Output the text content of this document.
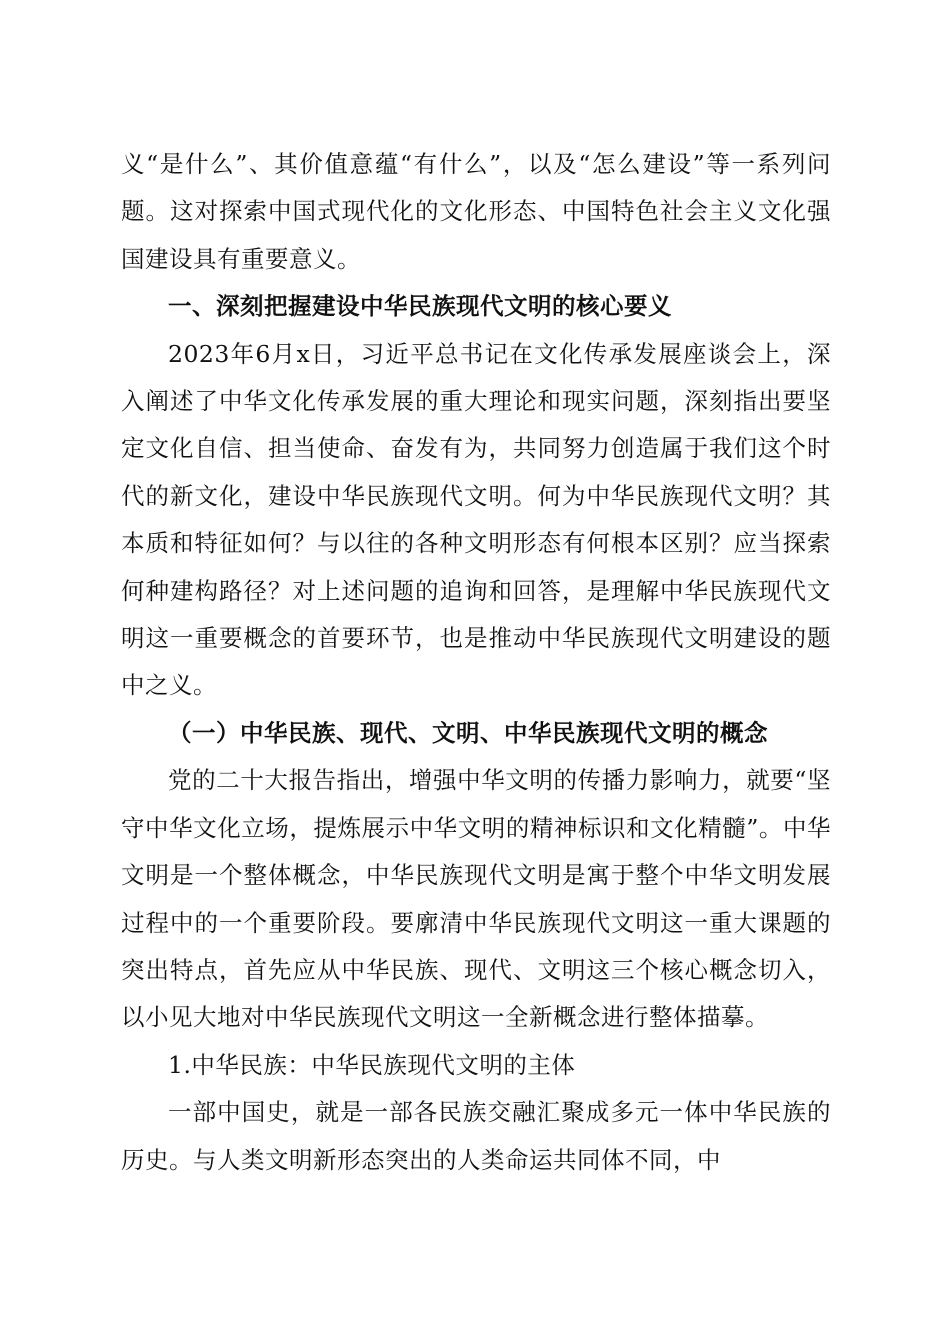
义“是什么”、其价值意蕴“有什么”，以及“怎么建设”等一系列问题。这对探索中国式现代化的文化形态、中国特色社会主义文化强国建设具有重要意义。

一、深刻把握建设中华民族现代文明的核心要义

2023年6月x日，习近平总书记在文化传承发展座谈会上，深入阐述了中华文化传承发展的重大理论和现实问题，深刻指出要坚定文化自信、担当使命、奋发有为，共同努力创造属于我们这个时代的新文化，建设中华民族现代文明。何为中华民族现代文明？其本质和特征如何？与以往的各种文明形态有何根本区别？应当探索何种建构路径？对上述问题的追询和回答，是理解中华民族现代文明这一重要概念的首要环节，也是推动中华民族现代文明建设的题中之义。

（一）中华民族、现代、文明、中华民族现代文明的概念

党的二十大报告指出，增强中华文明的传播力影响力，就要“坚守中华文化立场，提炼展示中华文明的精神标识和文化精髓”。中华文明是一个整体概念，中华民族现代文明是寓于整个中华文明发展过程中的一个重要阶段。要廓清中华民族现代文明这一重大课题的突出特点，首先应从中华民族、现代、文明这三个核心概念切入，以小见大地对中华民族现代文明这一全新概念进行整体描摹。

1.中华民族：中华民族现代文明的主体

一部中国史，就是一部各民族交融汇聚成多元一体中华民族的历史。与人类文明新形态突出的人类命运共同体不同，中
